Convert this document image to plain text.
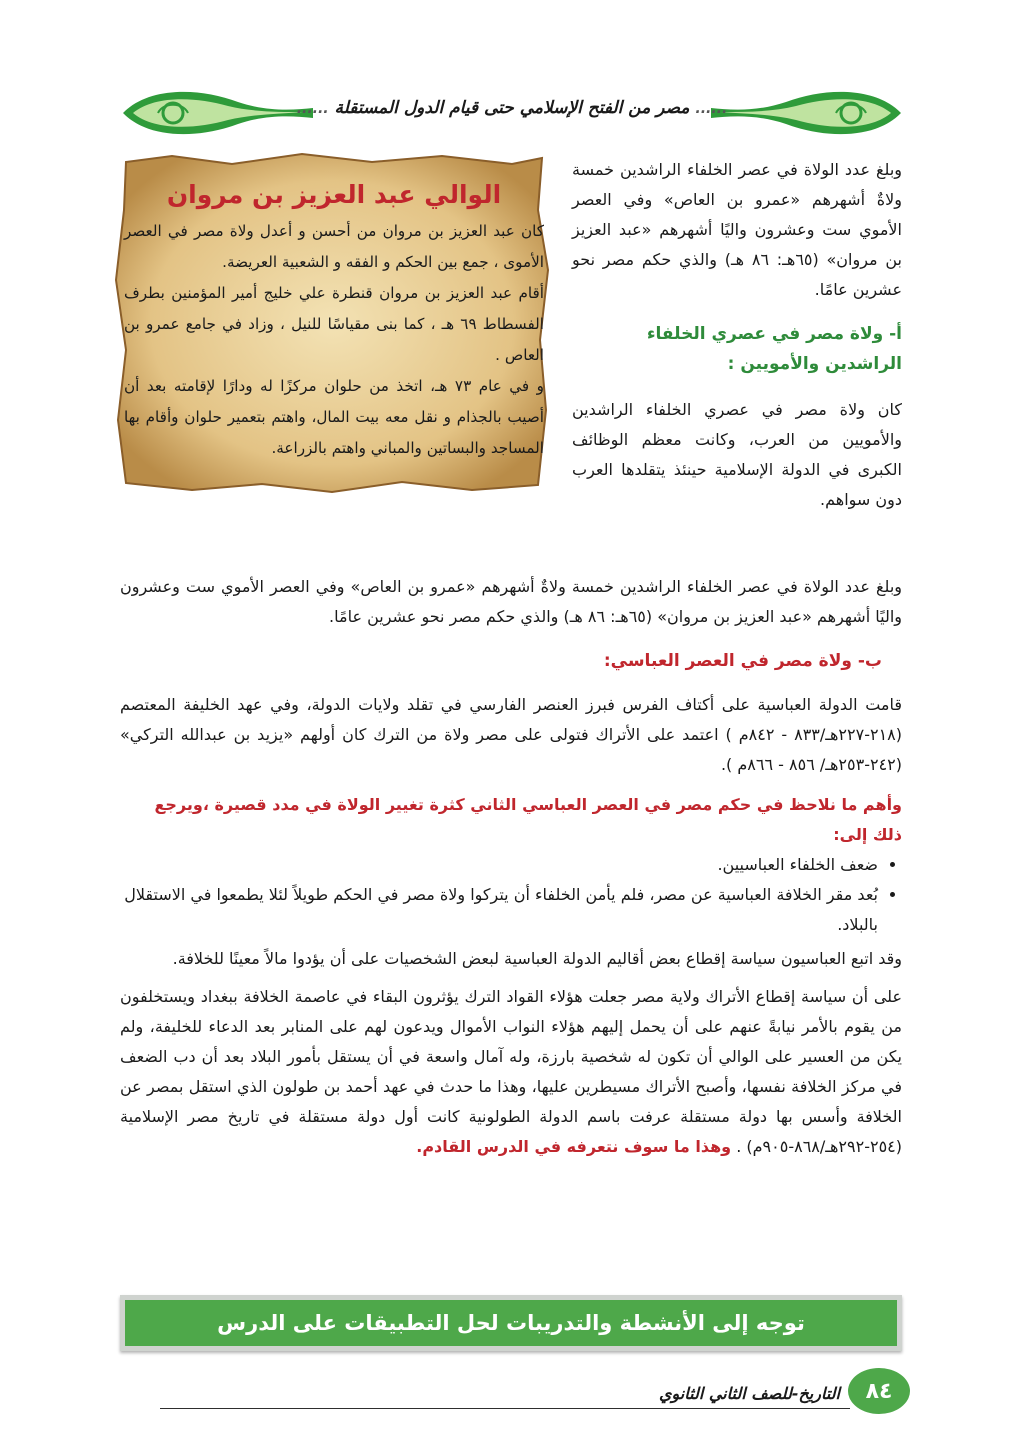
...... مصر من الفتح الإسلامي حتى قيام الدول المستقلة ......

وبلغ عدد الولاة في عصر الخلفاء الراشدين خمسة ولاةٌ أشهرهم «عمرو بن العاص» وفي العصر الأموي ست وعشرون واليًا أشهرهم «عبد العزيز بن مروان» (٦٥هـ: ٨٦ هـ) والذي حكم مصر نحو عشرين عامًا.

أ- ولاة مصر في عصري الخلفاء الراشدين والأمويين :

كان ولاة مصر في عصري الخلفاء الراشدين والأمويين من العرب، وكانت معظم الوظائف الكبرى في الدولة الإسلامية حينئذ يتقلدها العرب دون سواهم.

الوالي عبد العزيز بن مروان

كان عبد العزيز بن مروان من أحسن و أعدل ولاة مصر في العصر الأموى ، جمع بين الحكم و الفقه و الشعبية العريضة.

أقام عبد العزيز بن مروان قنطرة علي خليج أمير المؤمنين بطرف الفسطاط ٦٩ هـ ، كما بنى مقياسًا للنيل ، وزاد في جامع عمرو بن العاص .

و في عام ٧٣ هـ، اتخذ من حلوان مركزًا له ودارًا لإقامته بعد أن أصيب بالجذام و نقل معه بيت المال، واهتم بتعمير حلوان وأقام بها المساجد والبساتين والمباني واهتم بالزراعة.

وبلغ عدد الولاة في عصر الخلفاء الراشدين خمسة ولاةٌ أشهرهم «عمرو بن العاص» وفي العصر الأموي ست وعشرون واليًا أشهرهم «عبد العزيز بن مروان» (٦٥هـ: ٨٦ هـ) والذي حكم مصر نحو عشرين عامًا.

ب- ولاة مصر في العصر العباسي:

قامت الدولة العباسية على أكتاف الفرس فبرز العنصر الفارسي في تقلد ولايات الدولة، وفي عهد الخليفة المعتصم (٢١٨-٢٢٧هـ/٨٣٣ - ٨٤٢م ) اعتمد على الأتراك فتولى على مصر ولاة من الترك كان أولهم «يزيد بن عبدالله التركي» (٢٤٢-٢٥٣هـ/ ٨٥٦ - ٨٦٦م ).

وأهم ما نلاحظ في حكم مصر في العصر العباسي الثاني كثرة تغيير الولاة في مدد قصيرة ،ويرجع ذلك إلى:

• ضعف الخلفاء العباسيين.
• بُعد مقر الخلافة العباسية عن مصر، فلم يأمن الخلفاء أن يتركوا ولاة مصر في الحكم طويلاً لئلا يطمعوا في الاستقلال بالبلاد.

وقد اتبع العباسيون سياسة إقطاع بعض أقاليم الدولة العباسية لبعض الشخصيات على أن يؤدوا مالاً معينًا للخلافة.

على أن سياسة إقطاع الأتراك ولاية مصر جعلت هؤلاء القواد الترك يؤثرون البقاء في عاصمة الخلافة ببغداد ويستخلفون من يقوم بالأمر نيابةً عنهم على أن يحمل إليهم هؤلاء النواب الأموال ويدعون لهم على المنابر بعد الدعاء للخليفة، ولم يكن من العسير على الوالي أن تكون له شخصية بارزة، وله آمال واسعة في أن يستقل بأمور البلاد بعد أن دب الضعف في مركز الخلافة نفسها، وأصبح الأتراك مسيطرين عليها، وهذا ما حدث في عهد أحمد بن طولون الذي استقل بمصر عن الخلافة وأسس بها دولة مستقلة عرفت باسم الدولة الطولونية كانت أول دولة مستقلة في تاريخ مصر الإسلامية (٢٥٤-٢٩٢هـ/٨٦٨-٩٠٥م) . وهذا ما سوف نتعرفه في الدرس القادم.

توجه إلى الأنشطة والتدريبات لحل التطبيقات على الدرس
التاريخ-للصف الثاني الثانوي	٨٤
